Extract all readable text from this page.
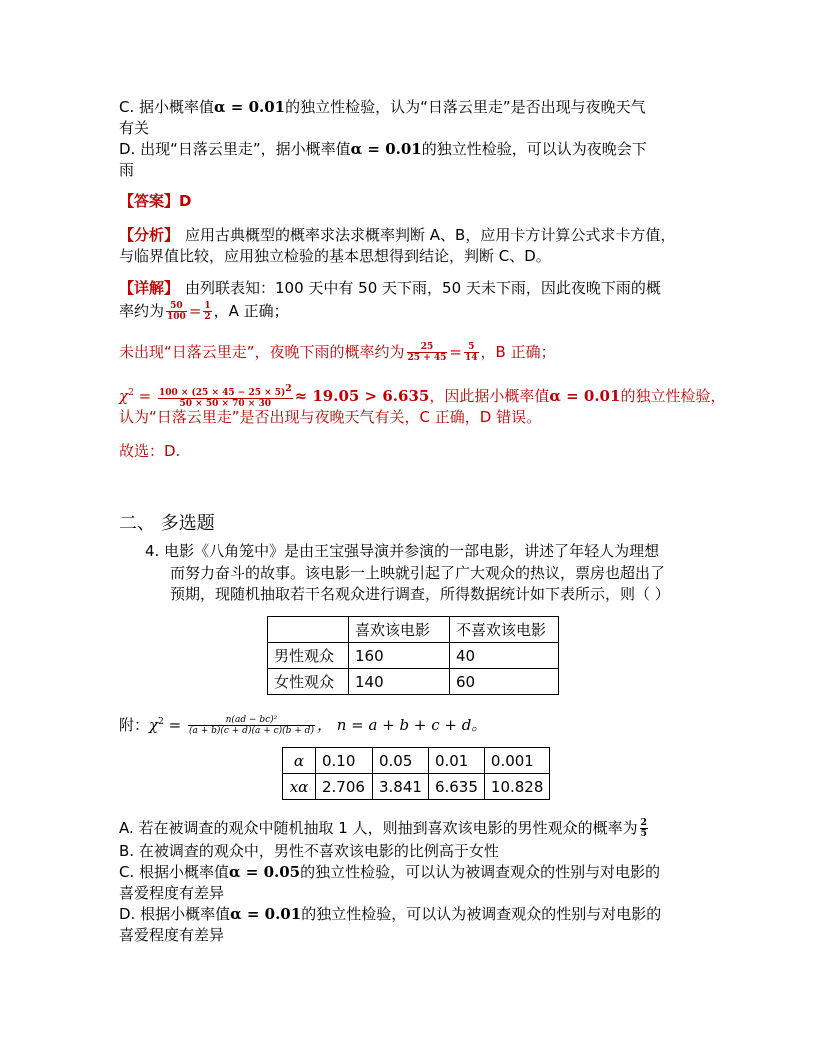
C. 据小概率值α = 0.01的独立性检验，认为“日落云里走”是否出现与夜晚天气
有关
D. 出现“日落云里走”，据小概率值α = 0.01的独立性检验，可以认为夜晚会下
雨
【答案】D
【分析】 应用古典概型的概率求法求概率判断 A、B，应用卡方计算公式求卡方值，
与临界值比较，应用独立检验的基本思想得到结论，判断 C、D。
【详解】 由列联表知：100 天中有 50 天下雨，50 天未下雨，因此夜晚下雨的概
率约为 $\frac{50}{100} = \frac{1}{2}$ ，A 正确；
未出现“日落云里走”，夜晚下雨的概率约为 $\frac{25}{25 + 45} = \frac{5}{14}$ ，B 正确；
$\chi^2 = \frac{100 \times (25 \times 45 - 25 \times 5)^2}{50 \times 50 \times 70 \times 30} \approx 19.05 > 6.635$，因此据小概率值α = 0.01的独立性检验，
认为“日落云里走”是否出现与夜晚天气有关，C 正确，D 错误。
故选：D.
二、 多选题
4. 电影《八角笼中》是由王宝强导演并参演的一部电影，讲述了年轻人为理想
而努力奋斗的故事。该电影一上映就引起了广大观众的热议，票房也超出了
预期，现随机抽取若干名观众进行调查，所得数据统计如下表所示，则（ ）
	喜欢该电影	不喜欢该电影
男性观众	160	40
女性观众	140	60
附：$\chi^2 = \frac{\text{n(ad − bc)²}}{(a + b)(c + d)(a + c)(b + d)}$ ， n = a + b + c + d。
α	0.10	0.05	0.01	0.001
xα	2.706	3.841	6.635	10.828
A. 若在被调查的观众中随机抽取 1 人，则抽到喜欢该电影的男性观众的概率为 $\frac{2}{5}$
B. 在被调查的观众中，男性不喜欢该电影的比例高于女性
C. 根据小概率值α = 0.05的独立性检验，可以认为被调查观众的性别与对电影的
喜爱程度有差异
D. 根据小概率值α = 0.01的独立性检验，可以认为被调查观众的性别与对电影的
喜爱程度有差异
